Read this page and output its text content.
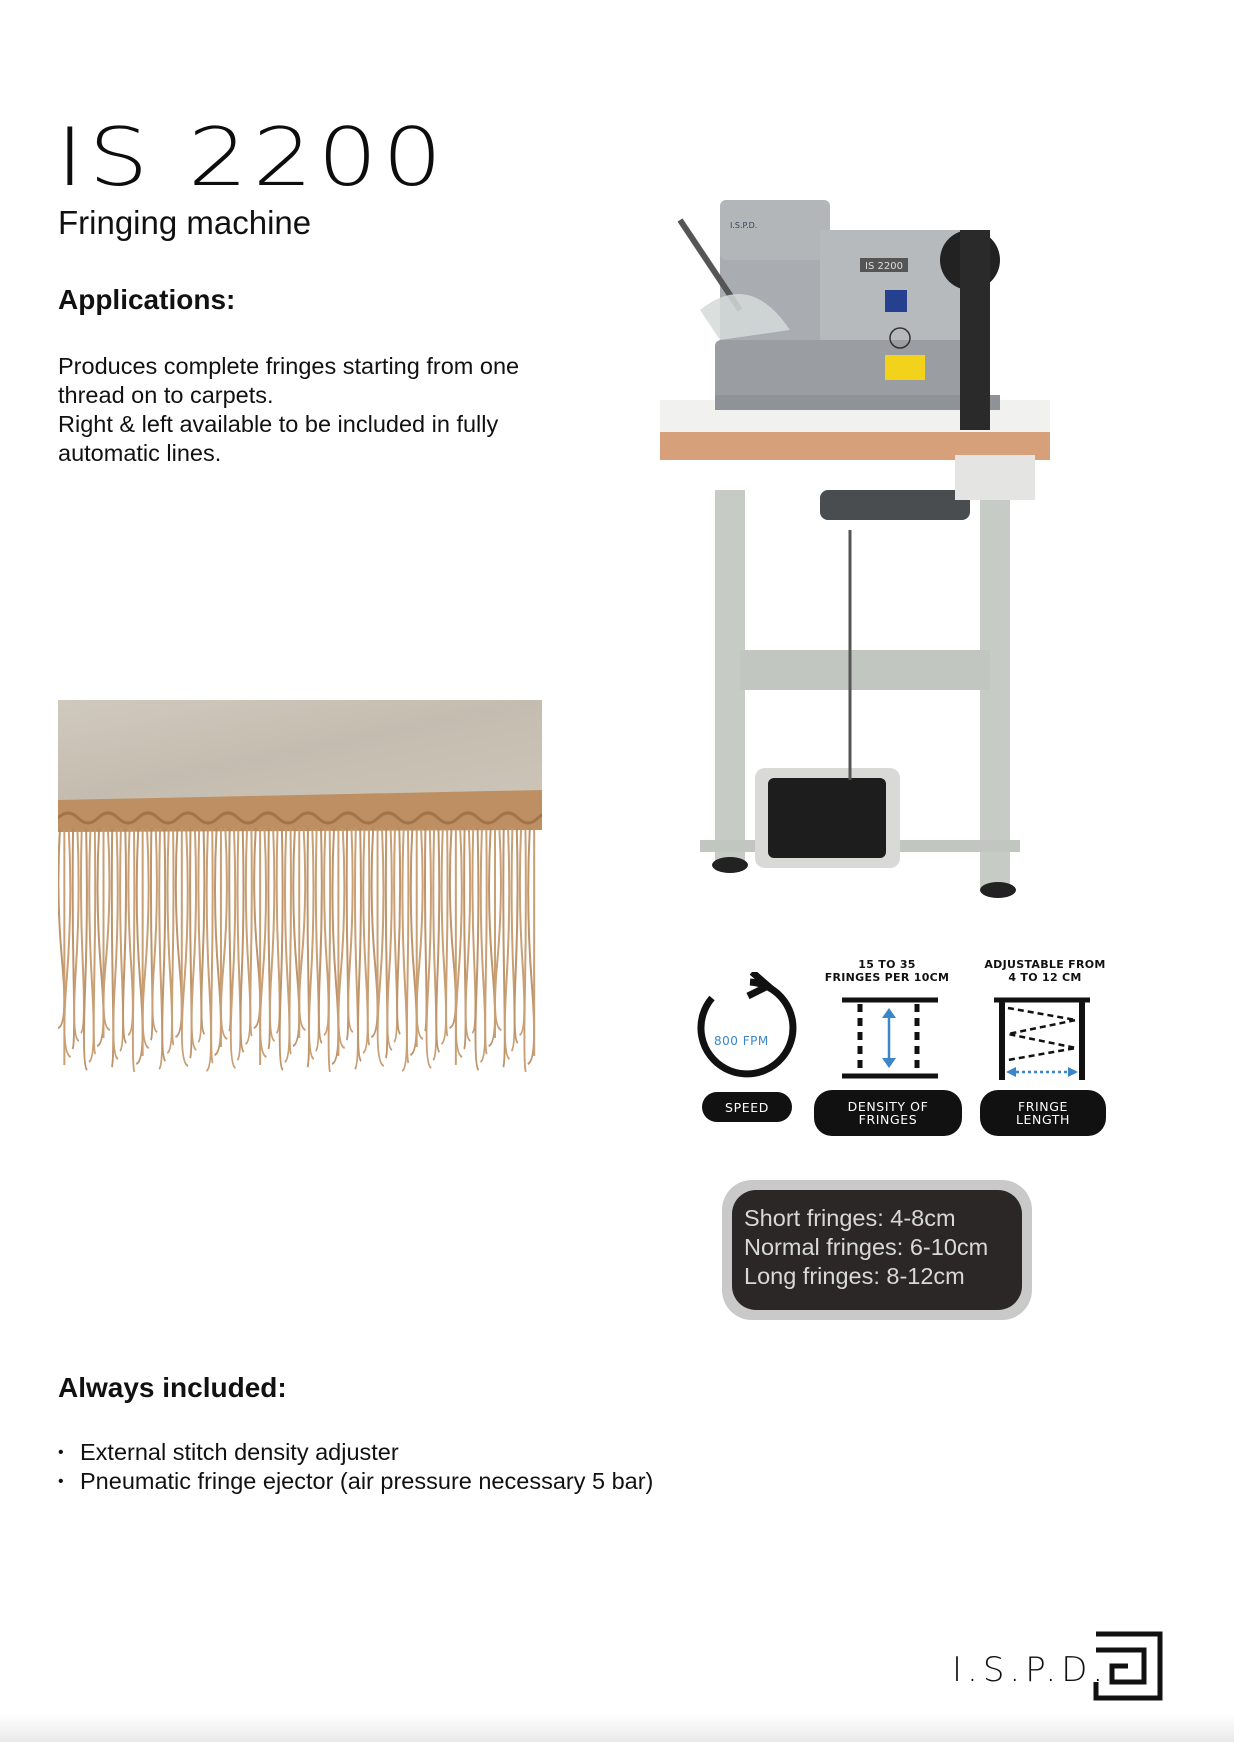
IS 2200
Fringing machine
Applications:

Produces complete fringes starting from one

thread on to carpets.

Right & left available to be included in fully

automatic lines.

IS 2200
I.S.P.D.
800 FPM
SPEED
15 TO 35
FRINGES PER 10CM
DENSITY OF
FRINGES
ADJUSTABLE FROM
4 TO 12 CM
FRINGE
LENGTH
Short fringes: 4-8cm
Normal fringes: 6-10cm
Long fringes: 8-12cm
Always included:
• External stitch density adjuster
• Pneumatic fringe ejector (air pressure necessary 5 bar)
I.S.P.D.
